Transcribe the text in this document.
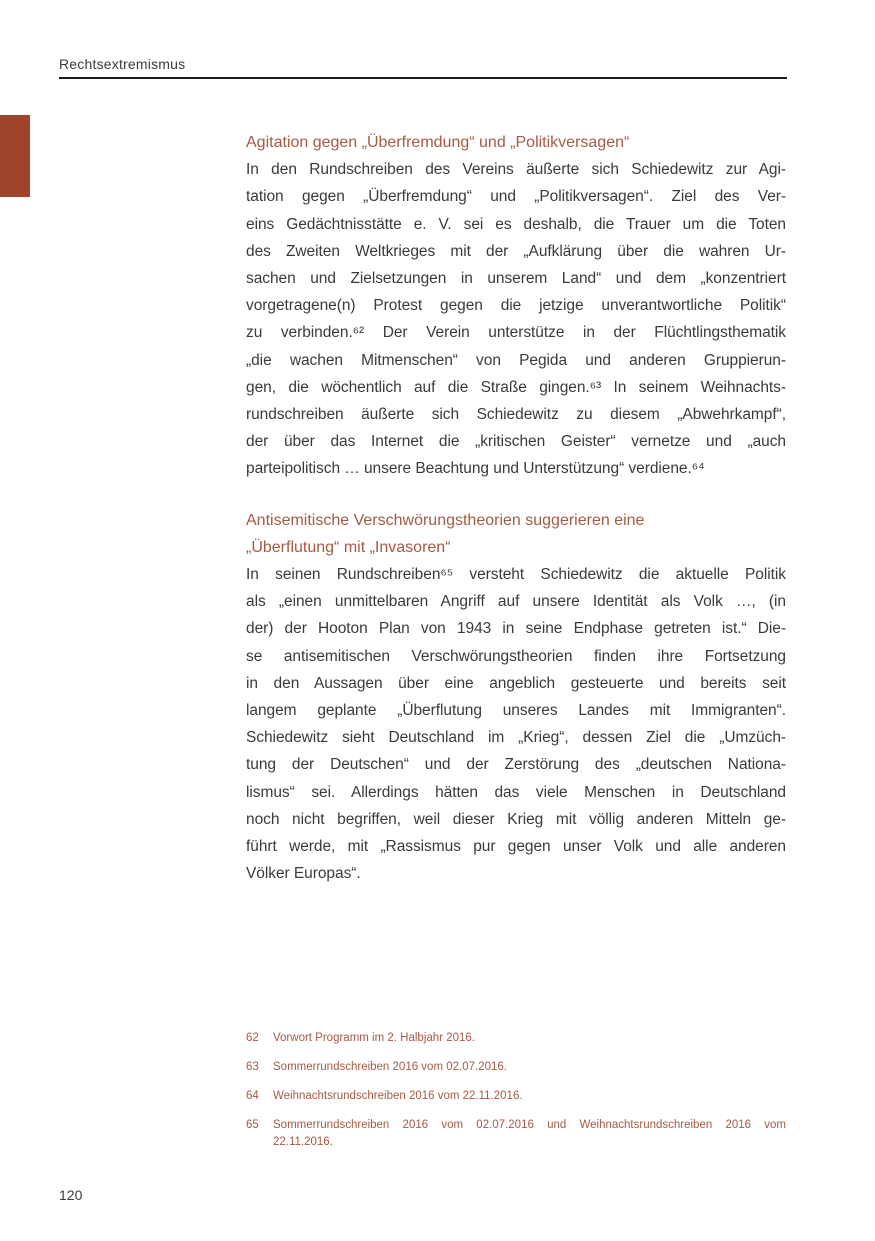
Rechtsextremismus
Agitation gegen „Überfremdung“ und „Politikversagen“
In den Rundschreiben des Vereins äußerte sich Schiedewitz zur Agi-
tation gegen „Überfremdung“ und „Politikversagen“. Ziel des Ver-
eins Gedächtnisstätte e. V. sei es deshalb, die Trauer um die Toten
des Zweiten Weltkrieges mit der „Aufklärung über die wahren Ur-
sachen und Zielsetzungen in unserem Land“ und dem „konzentriert
vorgetragene(n) Protest gegen die jetzige unverantwortliche Politik“
zu verbinden.⁶² Der Verein unterstütze in der Flüchtlingsthematik
„die wachen Mitmenschen“ von Pegida und anderen Gruppierun-
gen, die wöchentlich auf die Straße gingen.⁶³ In seinem Weihnachts-
rundschreiben äußerte sich Schiedewitz zu diesem „Abwehrkampf“,
der über das Internet die „kritischen Geister“ vernetze und „auch
parteipolitisch … unsere Beachtung und Unterstützung“ verdiene.⁶⁴
Antisemitische Verschwörungstheorien suggerieren eine
„Überflutung“ mit „Invasoren“
In seinen Rundschreiben⁶⁵ versteht Schiedewitz die aktuelle Politik
als „einen unmittelbaren Angriff auf unsere Identität als Volk …, (in
der) der Hooton Plan von 1943 in seine Endphase getreten ist.“ Die-
se antisemitischen Verschwörungstheorien finden ihre Fortsetzung
in den Aussagen über eine angeblich gesteuerte und bereits seit
langem geplante „Überflutung unseres Landes mit Immigranten“.
Schiedewitz sieht Deutschland im „Krieg“, dessen Ziel die „Umzüch-
tung der Deutschen“ und der Zerstörung des „deutschen Nationa-
lismus“ sei. Allerdings hätten das viele Menschen in Deutschland
noch nicht begriffen, weil dieser Krieg mit völlig anderen Mitteln ge-
führt werde, mit „Rassismus pur gegen unser Volk und alle anderen
Völker Europas“.
62	Vorwort Programm im 2. Halbjahr 2016.
63	Sommerrundschreiben 2016 vom 02.07.2016.
64	Weihnachtsrundschreiben 2016 vom 22.11.2016.
65	Sommerrundschreiben 2016 vom 02.07.2016 und Weihnachtsrundschreiben 2016 vom
22.11.2016.
120
